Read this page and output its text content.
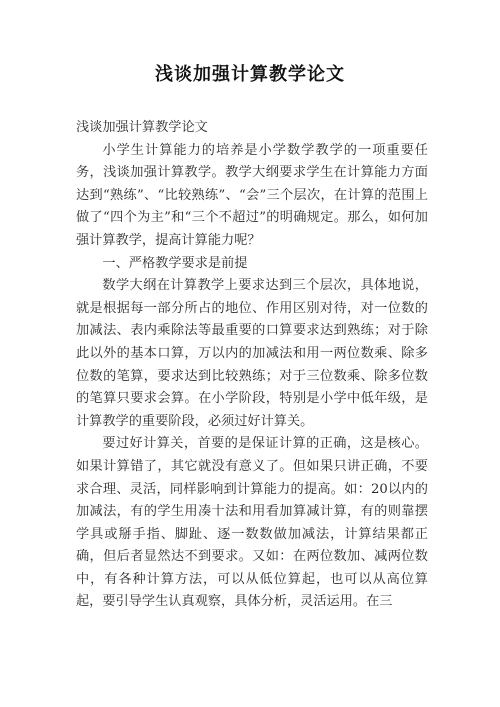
浅谈加强计算教学论文

浅谈加强计算教学论文

小学生计算能力的培养是小学数学教学的一项重要任务，浅谈加强计算教学。教学大纲要求学生在计算能力方面达到“熟练”、“比较熟练”、“会”三个层次，在计算的范围上做了“四个为主”和“三个不超过”的明确规定。那么，如何加强计算教学，提高计算能力呢？

一、严格教学要求是前提

数学大纲在计算教学上要求达到三个层次，具体地说，就是根据每一部分所占的地位、作用区别对待，对一位数的加减法、表内乘除法等最重要的口算要求达到熟练；对于除此以外的基本口算，万以内的加减法和用一两位数乘、除多位数的笔算，要求达到比较熟练；对于三位数乘、除多位数的笔算只要求会算。在小学阶段，特别是小学中低年级，是计算教学的重要阶段，必须过好计算关。

要过好计算关，首要的是保证计算的正确，这是核心。如果计算错了，其它就没有意义了。但如果只讲正确，不要求合理、灵活，同样影响到计算能力的提高。如：20以内的加减法，有的学生用凑十法和用看加算减计算，有的则靠摆学具或掰手指、脚趾、逐一数数做加减法，计算结果都正确，但后者显然达不到要求。又如：在两位数加、减两位数中，有各种计算方法，可以从低位算起，也可以从高位算起，要引导学生认真观察，具体分析，灵活运用。在三
